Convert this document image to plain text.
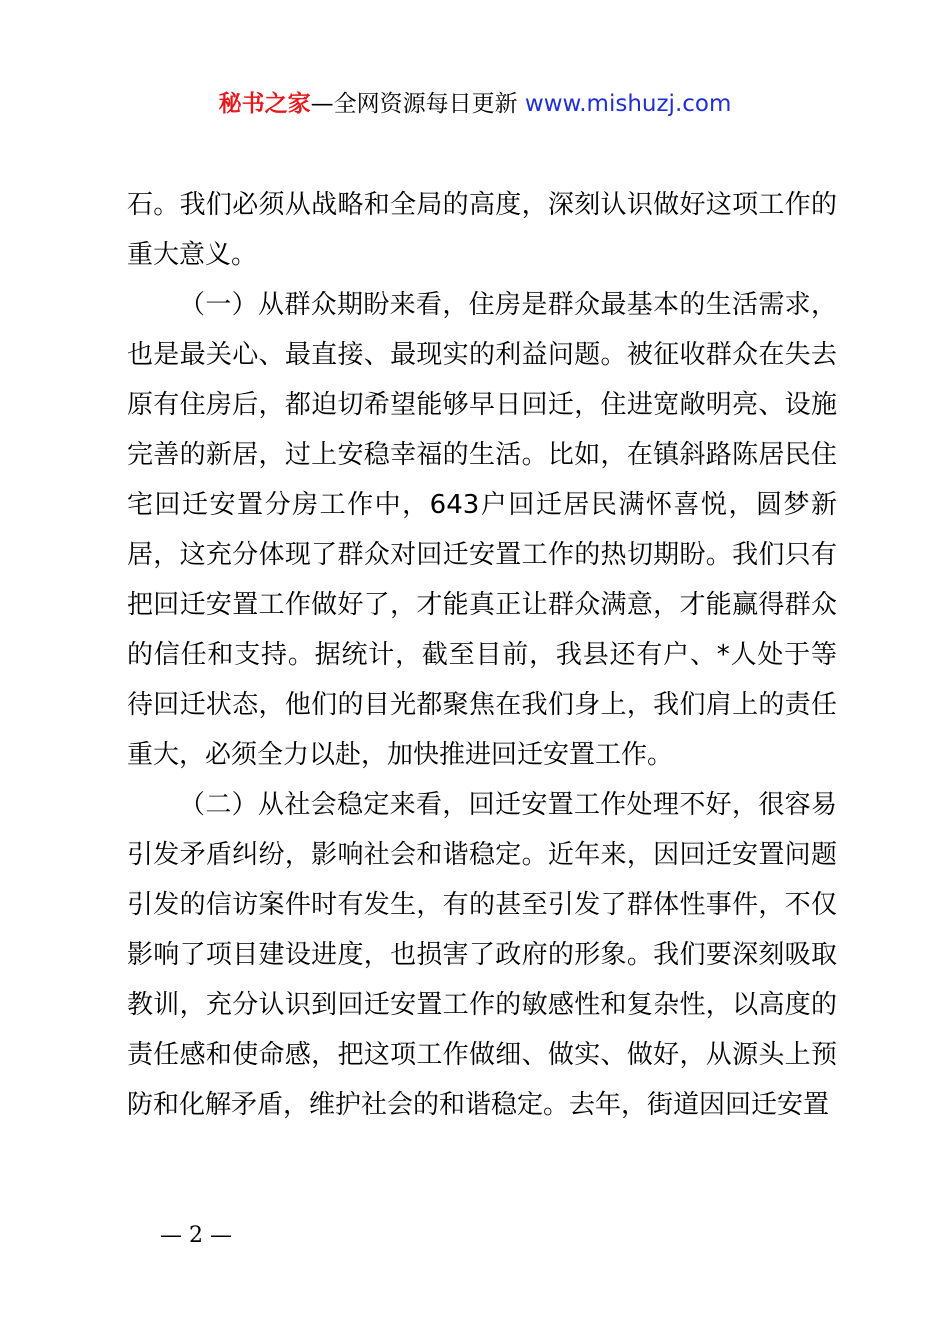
秘书之家—全网资源每日更新 www.mishuzj.com

石。我们必须从战略和全局的高度，深刻认识做好这项工作的重大意义。

（一）从群众期盼来看，住房是群众最基本的生活需求，也是最关心、最直接、最现实的利益问题。被征收群众在失去原有住房后，都迫切希望能够早日回迁，住进宽敞明亮、设施完善的新居，过上安稳幸福的生活。比如，在镇斜路陈居民住宅回迁安置分房工作中，643户回迁居民满怀喜悦，圆梦新居，这充分体现了群众对回迁安置工作的热切期盼。我们只有把回迁安置工作做好了，才能真正让群众满意，才能赢得群众的信任和支持。据统计，截至目前，我县还有户、*人处于等待回迁状态，他们的目光都聚焦在我们身上，我们肩上的责任重大，必须全力以赴，加快推进回迁安置工作。

（二）从社会稳定来看，回迁安置工作处理不好，很容易引发矛盾纠纷，影响社会和谐稳定。近年来，因回迁安置问题引发的信访案件时有发生，有的甚至引发了群体性事件，不仅影响了项目建设进度，也损害了政府的形象。我们要深刻吸取教训，充分认识到回迁安置工作的敏感性和复杂性，以高度的责任感和使命感，把这项工作做细、做实、做好，从源头上预防和化解矛盾，维护社会的和谐稳定。去年，街道因回迁安置

— 2 —
